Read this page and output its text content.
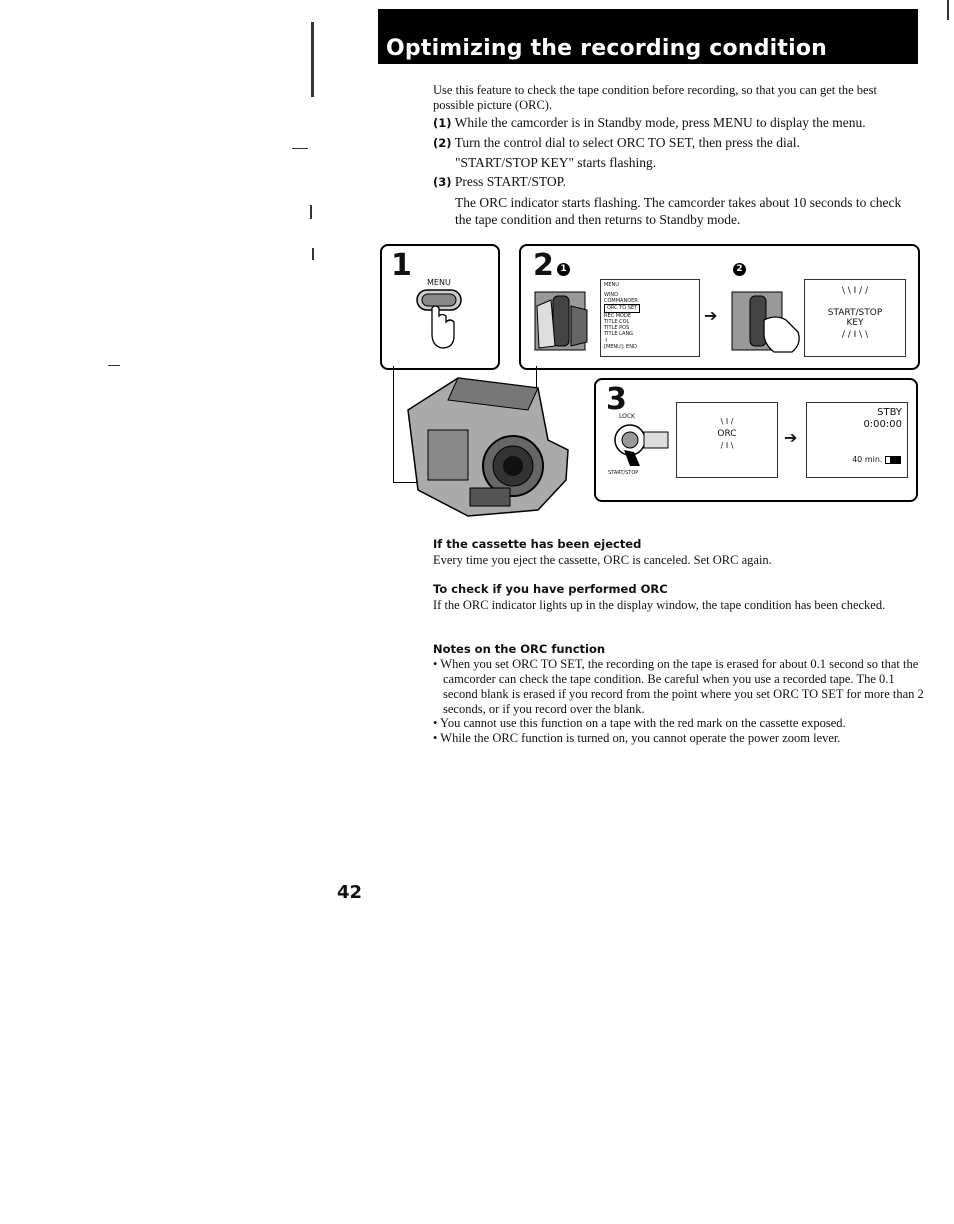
Optimizing the recording condition
Use this feature to check the tape condition before recording, so that you can get the best possible picture (ORC).
(1) While the camcorder is in Standby mode, press MENU to display the menu.
(2) Turn the control dial to select ORC TO SET, then press the dial.
"START/STOP KEY" starts flashing.
(3) Press START/STOP.
The ORC indicator starts flashing. The camcorder takes about 10 seconds to check the tape condition and then returns to Standby mode.
1 MENU	2 1	2
MENU
WIND
COMMANDER
ORC TO SET
REC MODE
TITLE COL
TITLE POS
TITLE LANG
↓
[MENU]: END
➔
\ \ I / /
START/STOP
KEY
/ / I \ \
3
LOCK
START/STOP
\ I /
ORC
/ I \	➔
STBY
0:00:00
40 min.
If the cassette has been ejected
Every time you eject the cassette, ORC is canceled. Set ORC again.
To check if you have performed ORC
If the ORC indicator lights up in the display window, the tape condition has been checked.
Notes on the ORC function
• When you set ORC TO SET, the recording on the tape is erased for about 0.1 second so that the camcorder can check the tape condition. Be careful when you use a recorded tape. The 0.1 second blank is erased if you record from the point where you set ORC TO SET for more than 2 seconds, or if you record over the blank.
• You cannot use this function on a tape with the red mark on the cassette exposed.
• While the ORC function is turned on, you cannot operate the power zoom lever.
42
